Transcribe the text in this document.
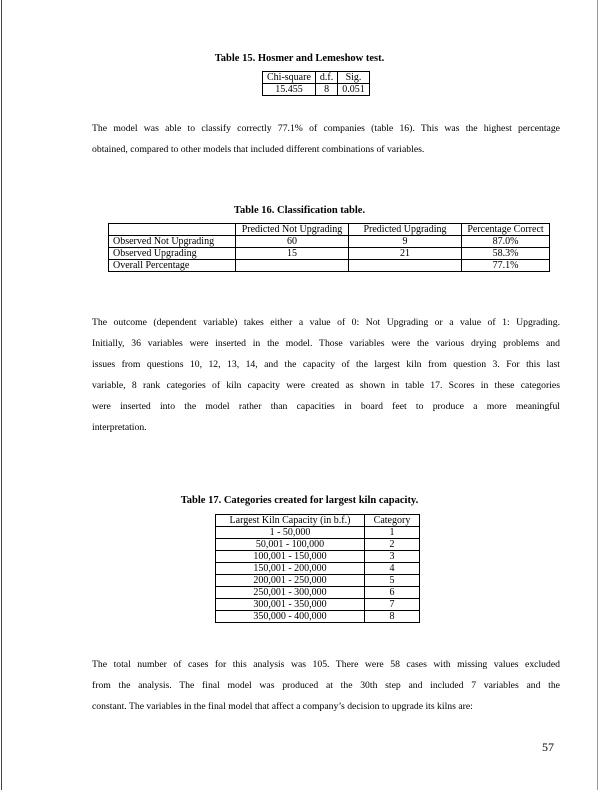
Table 15. Hosmer and Lemeshow test.
Chi-square	d.f.	Sig.
15.455	8	0.051
The model was able to classify correctly 77.1% of companies (table 16). This was the highest percentage
obtained, compared to other models that included different combinations of variables.
Table 16. Classification table.
	Predicted Not Upgrading	Predicted Upgrading	Percentage Correct
Observed Not Upgrading	60	9	87.0%
Observed Upgrading	15	21	58.3%
Overall Percentage			77.1%
The outcome (dependent variable) takes either a value of 0: Not Upgrading or a value of 1: Upgrading.
Initially, 36 variables were inserted in the model. Those variables were the various drying problems and
issues from questions 10, 12, 13, 14, and the capacity of the largest kiln from question 3. For this last
variable, 8 rank categories of kiln capacity were created as shown in table 17. Scores in these categories
were inserted into the model rather than capacities in board feet to produce a more meaningful
interpretation.
Table 17. Categories created for largest kiln capacity.
Largest Kiln Capacity (in b.f.)	Category
1 - 50,000	1
50,001 - 100,000	2
100,001 - 150,000	3
150,001 - 200,000	4
200,001 - 250,000	5
250,001 - 300,000	6
300,001 - 350,000	7
350,000 - 400,000	8
The total number of cases for this analysis was 105. There were 58 cases with missing values excluded
from the analysis. The final model was produced at the 30th step and included 7 variables and the
constant. The variables in the final model that affect a company’s decision to upgrade its kilns are:
57
